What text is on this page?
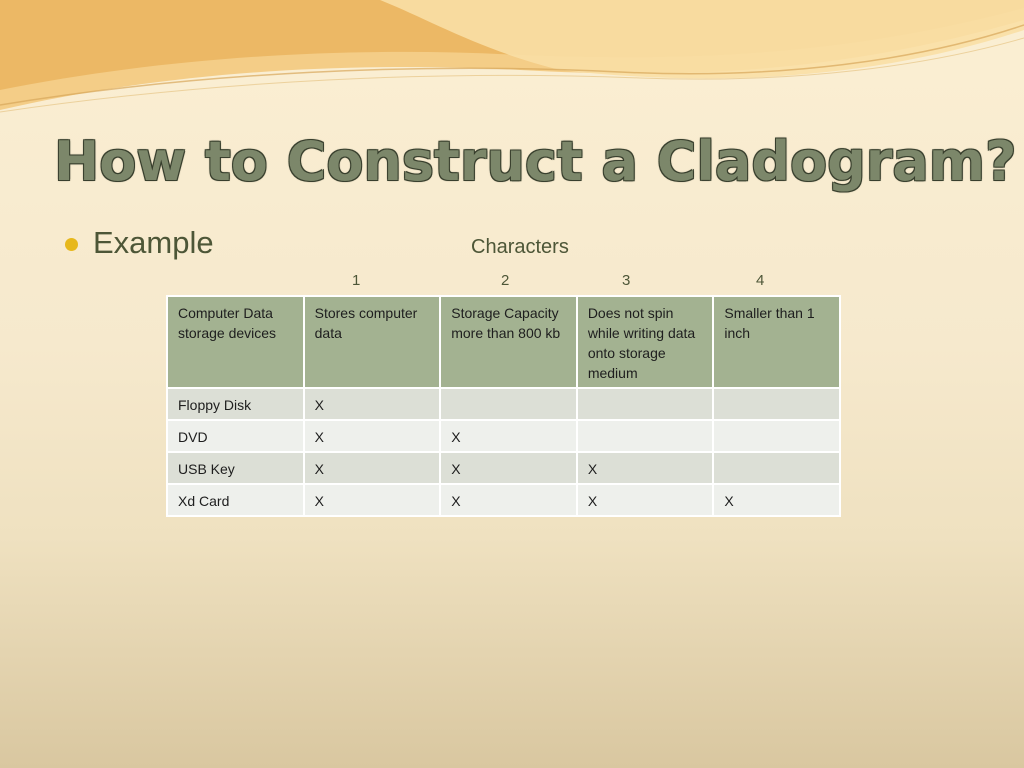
How to Construct a Cladogram?
Example	Characters
1	2	3	4
Computer Data storage devices	Stores computer data	Storage Capacity more than 800 kb	Does not spin while writing data onto storage medium	Smaller than 1 inch
Floppy Disk	X			
DVD	X	X		
USB Key	X	X	X	
Xd Card	X	X	X	X
